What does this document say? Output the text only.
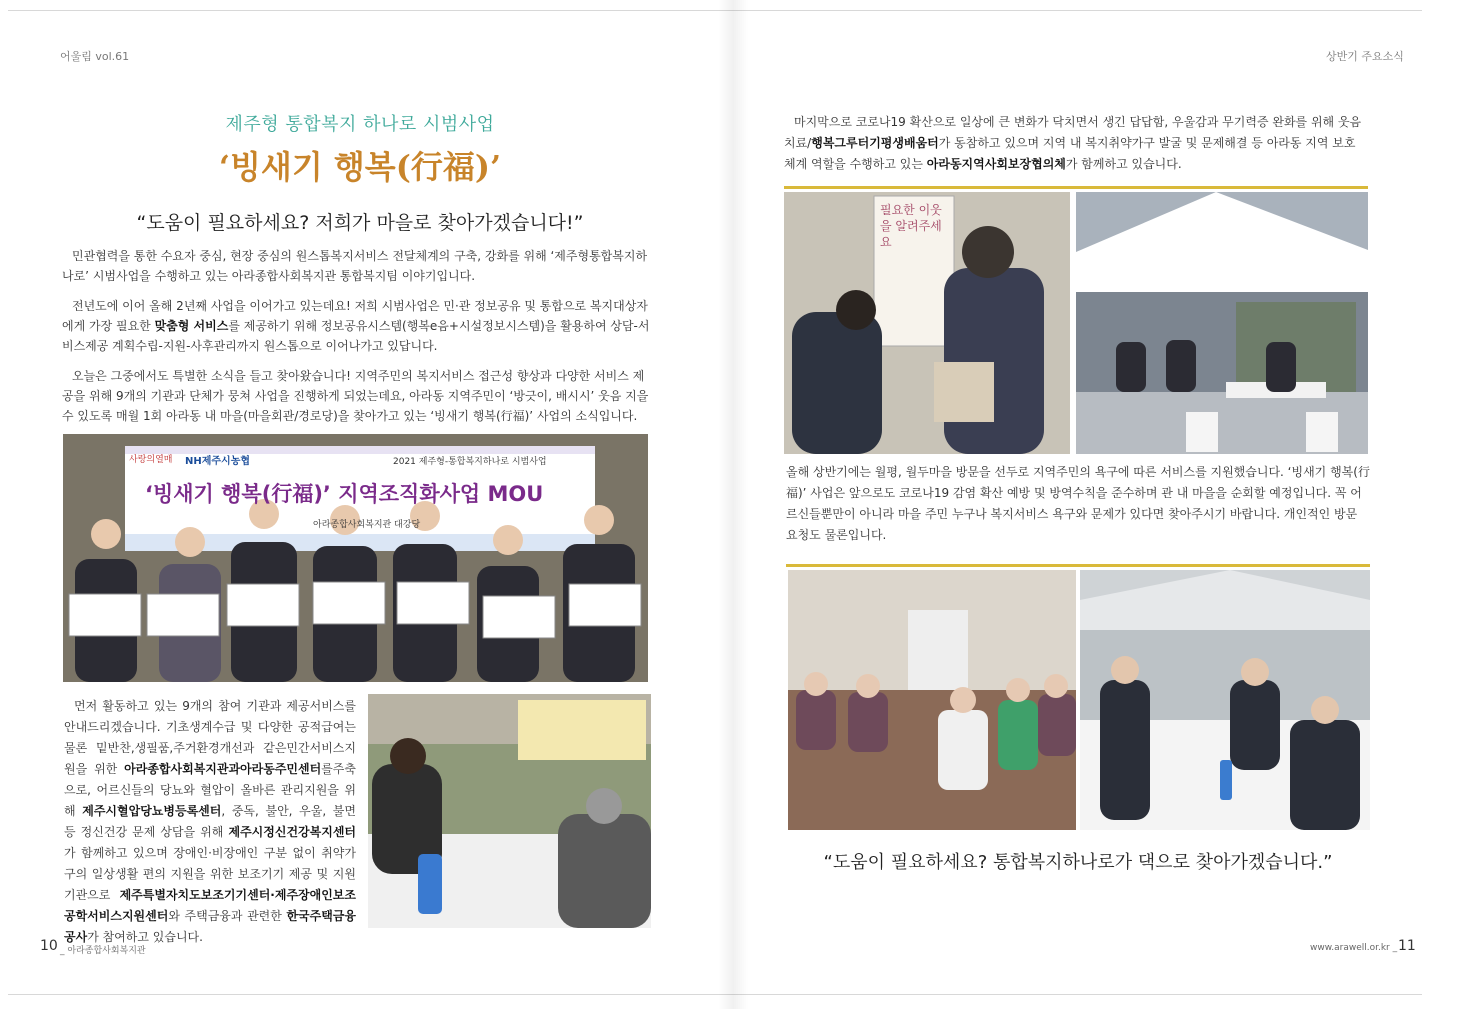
어울림 vol.61	상반기 주요소식
제주형 통합복지 하나로 시범사업
‘빙새기 행복(行福)’
“도움이 필요하세요? 저희가 마을로 찾아가겠습니다!”

민관협력을 통한 수요자 중심, 현장 중심의 원스톱복지서비스 전달체계의 구축, 강화를 위해 ‘제주형통합복지하나로’ 시범사업을 수행하고 있는 아라종합사회복지관 통합복지팀 이야기입니다.

전년도에 이어 올해 2년째 사업을 이어가고 있는데요! 저희 시범사업은 민·관 정보공유 및 통합으로 복지대상자에게 가장 필요한 맞춤형 서비스를 제공하기 위해 정보공유시스템(행복e음+시설정보시스템)을 활용하여 상담-서비스제공 계획수립-지원-사후관리까지 원스톱으로 이어나가고 있답니다.

오늘은 그중에서도 특별한 소식을 들고 찾아왔습니다! 지역주민의 복지서비스 접근성 향상과 다양한 서비스 제공을 위해 9개의 기관과 단체가 뭉쳐 사업을 진행하게 되었는데요, 아라동 지역주민이 ‘방긋이, 배시시’ 웃음 지을 수 있도록 매월 1회 아라동 내 마을(마을회관/경로당)을 찾아가고 있는 ‘빙새기 행복(行福)’ 사업의 소식입니다.

사랑의열매 NH제주시농협	2021 제주형-통합복지하나로 시범사업
‘빙새기 행복(行福)’ 지역조직화사업 MOU
아라종합사회복지관 대강당

먼저 활동하고 있는 9개의 참여 기관과 제공서비스를 안내드리겠습니다. 기초생계수급 및 다양한 공적급여는 물론 밑반찬,생필품,주거환경개선과 같은민간서비스지원을 위한 아라종합사회복지관과아라동주민센터를주축으로, 어르신들의 당뇨와 혈압이 올바른 관리지원을 위해 제주시혈압당뇨병등록센터, 중독, 불안, 우울, 불면 등 정신건강 문제 상담을 위해 제주시정신건강복지센터가 함께하고 있으며 장애인·비장애인 구분 없이 취약가구의 일상생활 편의 지원을 위한 보조기기 제공 및 지원 기관으로 제주특별자치도보조기기센터·제주장애인보조공학서비스지원센터와 주택금융과 관련한 한국주택금융공사가 참여하고 있습니다.

10 _ 아라종합사회복지관

마지막으로 코로나19 확산으로 일상에 큰 변화가 닥치면서 생긴 답답함, 우울감과 무기력증 완화를 위해 웃음치료/행복그루터기평생배움터가 동참하고 있으며 지역 내 복지취약가구 발굴 및 문제해결 등 아라동 지역 보호 체계 역할을 수행하고 있는 아라동지역사회보장협의체가 함께하고 있습니다.

필요한 이웃을 알려주세요

올해 상반기에는 월평, 월두마을 방문을 선두로 지역주민의 욕구에 따른 서비스를 지원했습니다. ‘빙새기 행복(行福)’ 사업은 앞으로도 코로나19 감염 확산 예방 및 방역수칙을 준수하며 관 내 마을을 순회할 예정입니다. 꼭 어르신들뿐만이 아니라 마을 주민 누구나 복지서비스 욕구와 문제가 있다면 찾아주시기 바랍니다. 개인적인 방문 요청도 물론입니다.

“도움이 필요하세요? 통합복지하나로가 댁으로 찾아가겠습니다.”
www.arawell.or.kr _ 11
